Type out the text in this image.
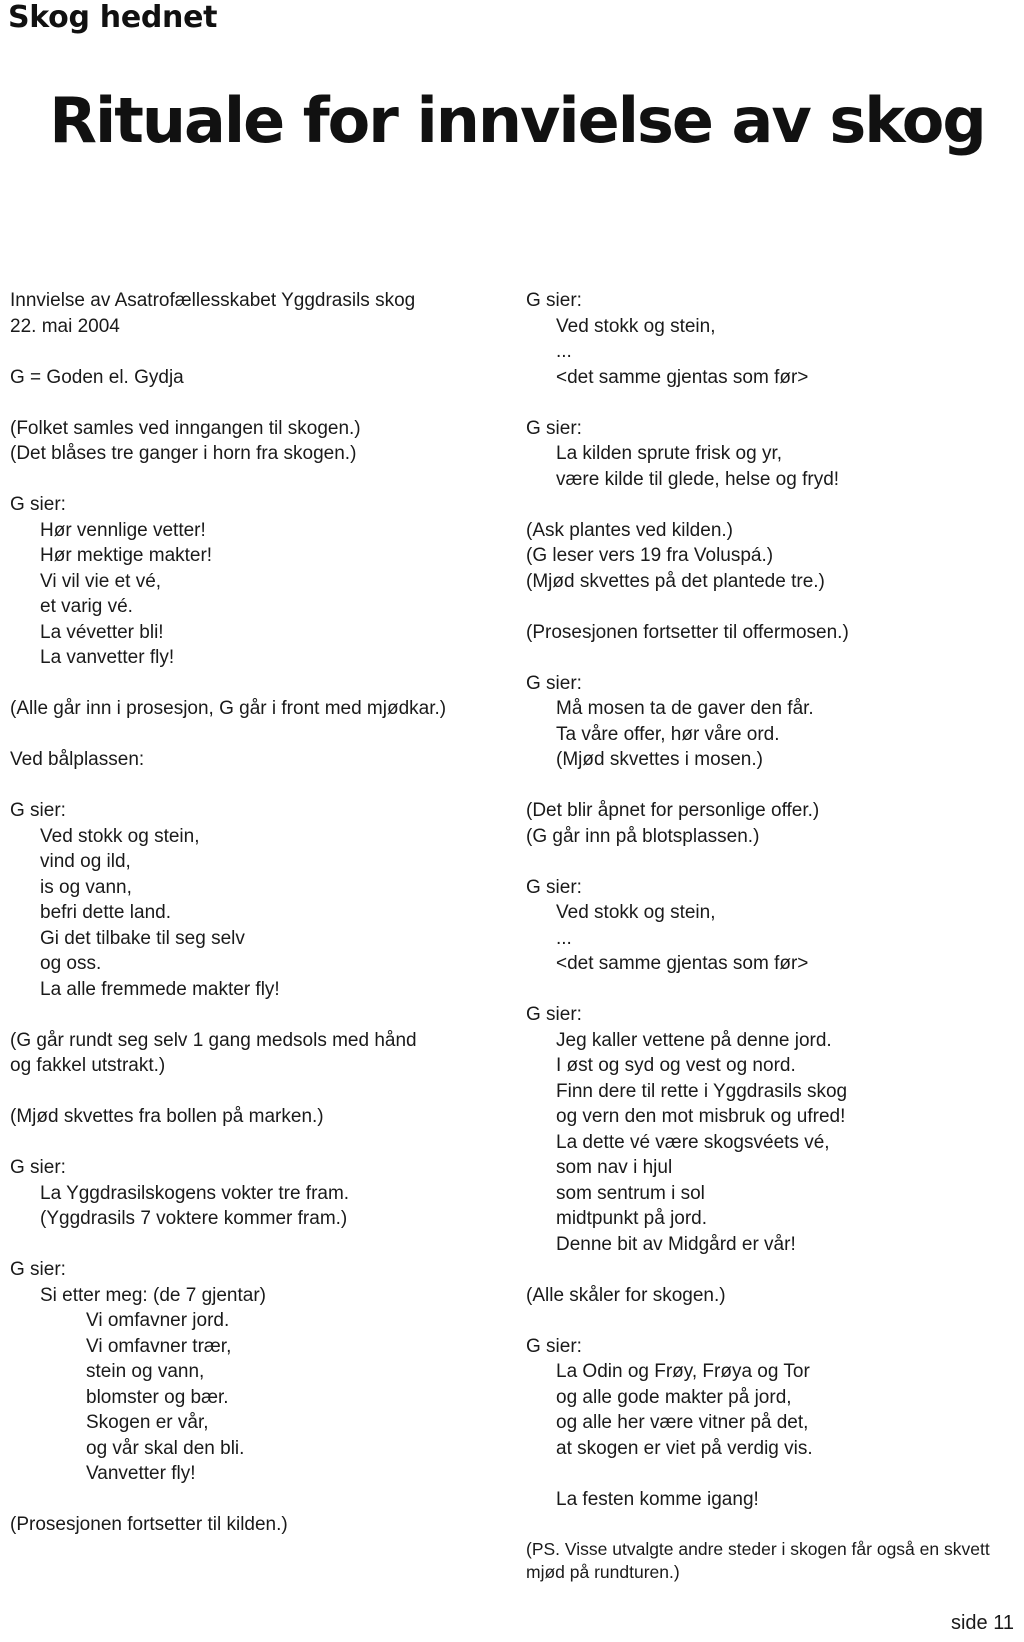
Skog hednet
Rituale for innvielse av skog
Innvielse av Asatrofællesskabet Yggdrasils skog
22. mai 2004
G = Goden el. Gydja
(Folket samles ved inngangen til skogen.)
(Det blåses tre ganger i horn fra skogen.)
G sier:
Hør vennlige vetter!
Hør mektige makter!
Vi vil vie et vé,
et varig vé.
La vévetter bli!
La vanvetter fly!
(Alle går inn i prosesjon, G går i front med mjødkar.)
Ved bålplassen:
G sier:
Ved stokk og stein,
vind og ild,
is og vann,
befri dette land.
Gi det tilbake til seg selv
og oss.
La alle fremmede makter fly!
(G går rundt seg selv 1 gang medsols med hånd
og fakkel utstrakt.)
(Mjød skvettes fra bollen på marken.)
G sier:
La Yggdrasilskogens vokter tre fram.
(Yggdrasils 7 voktere kommer fram.)
G sier:
Si etter meg: (de 7 gjentar)
Vi omfavner jord.
Vi omfavner trær,
stein og vann,
blomster og bær.
Skogen er vår,
og vår skal den bli.
Vanvetter fly!
(Prosesjonen fortsetter til kilden.)
G sier:
Ved stokk og stein,
...
<det samme gjentas som før>
G sier:
La kilden sprute frisk og yr,
være kilde til glede, helse og fryd!
(Ask plantes ved kilden.)
(G leser vers 19 fra Voluspá.)
(Mjød skvettes på det plantede tre.)
(Prosesjonen fortsetter til offermosen.)
G sier:
Må mosen ta de gaver den får.
Ta våre offer, hør våre ord.
(Mjød skvettes i mosen.)
(Det blir åpnet for personlige offer.)
(G går inn på blotsplassen.)
G sier:
Ved stokk og stein,
...
<det samme gjentas som før>
G sier:
Jeg kaller vettene på denne jord.
I øst og syd og vest og nord.
Finn dere til rette i Yggdrasils skog
og vern den mot misbruk og ufred!
La dette vé være skogsvéets vé,
som nav i hjul
som sentrum i sol
midtpunkt på jord.
Denne bit av Midgård er vår!
(Alle skåler for skogen.)
G sier:
La Odin og Frøy, Frøya og Tor
og alle gode makter på jord,
og alle her være vitner på det,
at skogen er viet på verdig vis.
La festen komme igang!
(PS. Visse utvalgte andre steder i skogen får også en skvett mjød på rundturen.)
side 11
